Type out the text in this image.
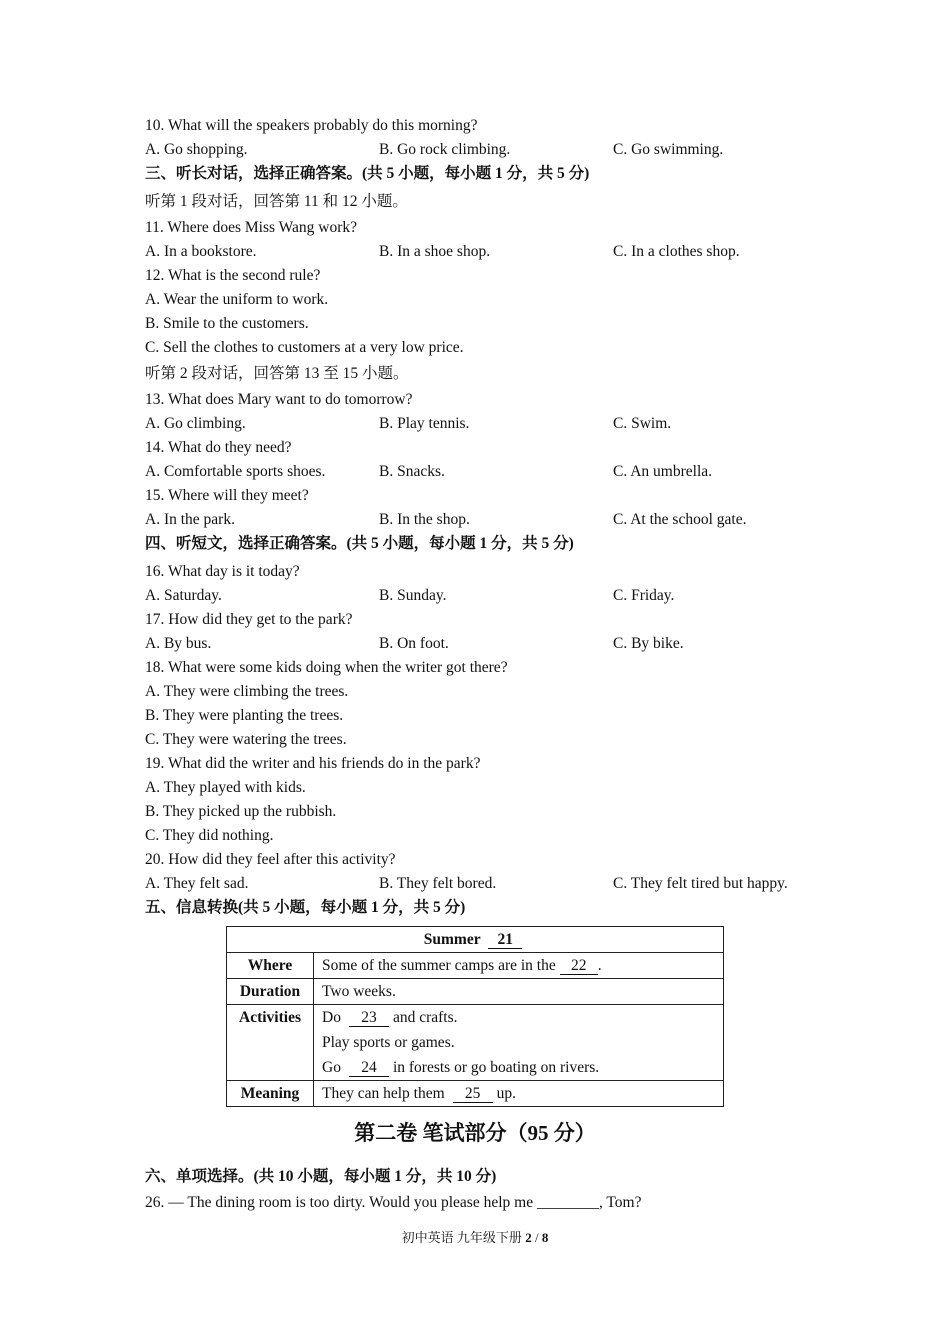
10. What will the speakers probably do this morning?
A. Go shopping.	B. Go rock climbing.	C. Go swimming.
三、听长对话，选择正确答案。(共 5 小题，每小题 1 分，共 5 分)
听第 1 段对话，回答第 11 和 12 小题。
11. Where does Miss Wang work?
A. In a bookstore.	B. In a shoe shop.	C. In a clothes shop.
12. What is the second rule?
A. Wear the uniform to work.
B. Smile to the customers.
C. Sell the clothes to customers at a very low price.
听第 2 段对话，回答第 13 至 15 小题。
13. What does Mary want to do tomorrow?
A. Go climbing.	B. Play tennis.	C. Swim.
14. What do they need?
A. Comfortable sports shoes.	B. Snacks.	C. An umbrella.
15. Where will they meet?
A. In the park.	B. In the shop.	C. At the school gate.
四、听短文，选择正确答案。(共 5 小题，每小题 1 分，共 5 分)
16. What day is it today?
A. Saturday.	B. Sunday.	C. Friday.
17. How did they get to the park?
A. By bus.	B. On foot.	C. By bike.
18. What were some kids doing when the writer got there?
A. They were climbing the trees.
B. They were planting the trees.
C. They were watering the trees.
19. What did the writer and his friends do in the park?
A. They played with kids.
B. They picked up the rubbish.
C. They did nothing.
20. How did they feel after this activity?
A. They felt sad.	B. They felt bored.	C. They felt tired but happy.
五、信息转换(共 5 小题，每小题 1 分，共 5 分)
Summer 21	
Where	Some of the summer camps are in the 22 .
Duration	Two weeks.
Activities	Do 23 and crafts.
Play sports or games.
Go 24 in forests or go boating on rivers.

Meaning	They can help them 25 up.
第二卷 笔试部分（95 分）
六、单项选择。(共 10 小题，每小题 1 分，共 10 分)
26. — The dining room is too dirty. Would you please help me ________, Tom?
初中英语 九年级下册 2 / 8
